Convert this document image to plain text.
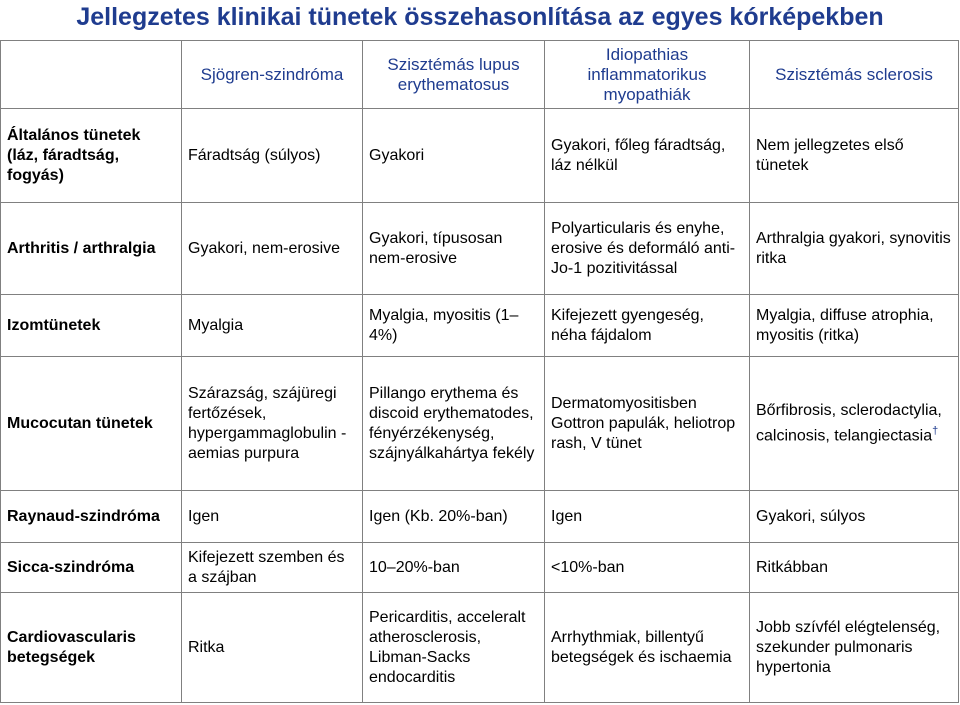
Jellegzetes klinikai tünetek összehasonlítása az egyes kórképekben
	Sjögren-szindróma	Szisztémás lupus erythematosus	Idiopathias inflammatorikus myopathiák	Szisztémás sclerosis
Általános tünetek (láz, fáradtság, fogyás)	Fáradtság (súlyos)	Gyakori	Gyakori, főleg fáradtság, láz nélkül	Nem jellegzetes első tünetek
Arthritis / arthralgia	Gyakori, nem-erosive	Gyakori, típusosan nem-erosive	Polyarticularis és enyhe, erosive és deformáló anti-Jo-1 pozitivitással	Arthralgia gyakori, synovitis ritka
Izomtünetek	Myalgia	Myalgia, myositis (1–4%)	Kifejezett gyengeség, néha fájdalom	Myalgia, diffuse atrophia, myositis (ritka)
Mucocutan tünetek	Szárazság, szájüregi fertőzések, hypergammaglobulin -aemias purpura	Pillango erythema és discoid erythematodes, fényérzékenység, szájnyálkahártya fekély	Dermatomyositisben Gottron papulák, heliotrop rash, V tünet	Bőrfibrosis, sclerodactylia, calcinosis, telangiectasia†
Raynaud-szindróma	Igen	Igen (Kb. 20%-ban)	Igen	Gyakori, súlyos
Sicca-szindróma	Kifejezett szemben és a szájban	10–20%-ban	<10%-ban	Ritkábban
Cardiovascularis betegségek	Ritka	Pericarditis, acceleralt atherosclerosis, Libman-Sacks endocarditis	Arrhythmiak, billentyű betegségek és ischaemia	Jobb szívfél elégtelenség, szekunder pulmonaris hypertonia
